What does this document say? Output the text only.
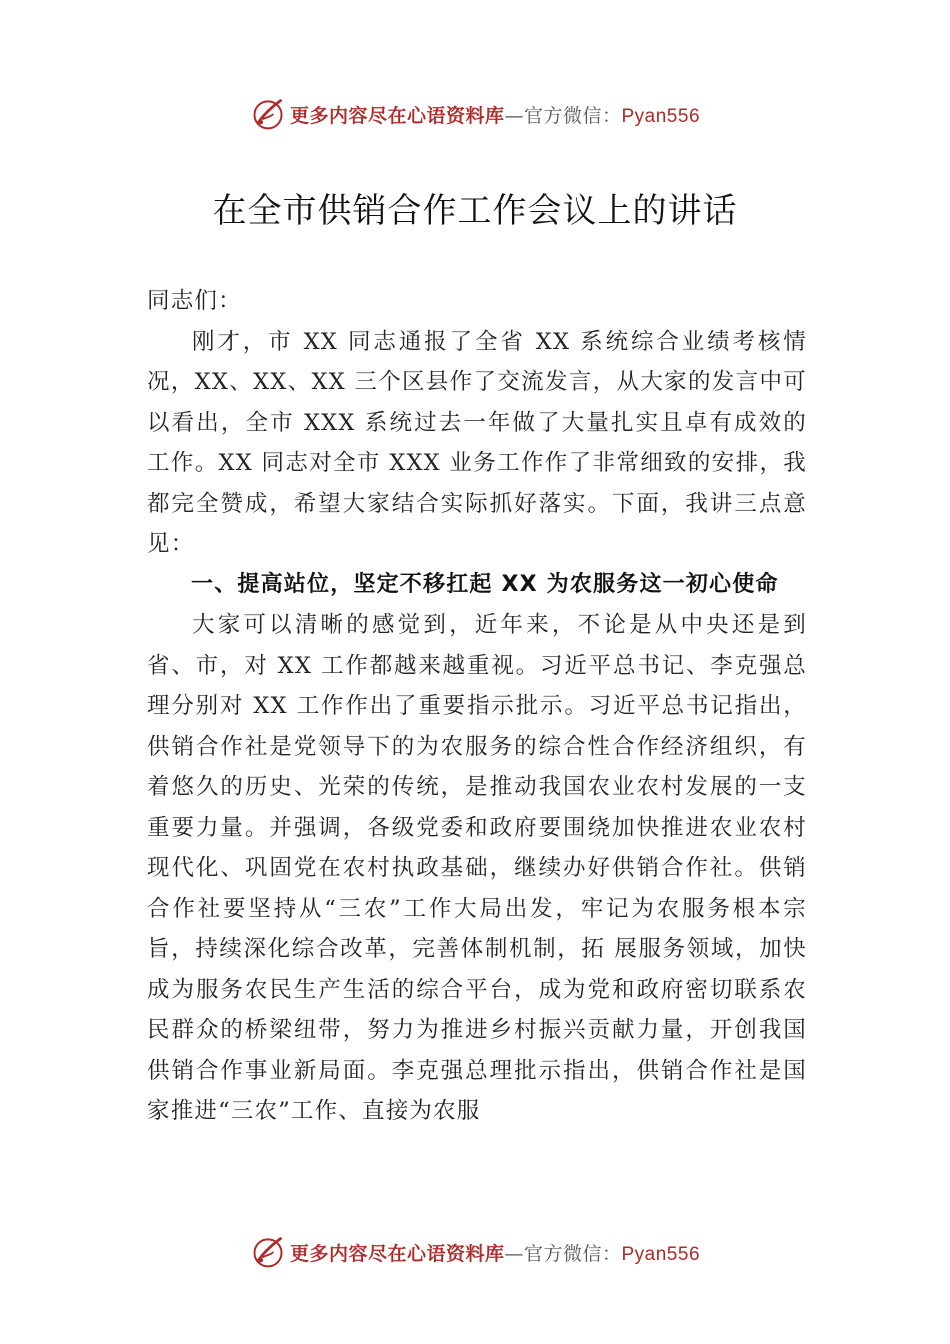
更多内容尽在心语资料库—官方微信：Pyan556
在全市供销合作工作会议上的讲话

同志们：

刚才，市 XX 同志通报了全省 XX 系统综合业绩考核情况，XX、XX、XX 三个区县作了交流发言，从大家的发言中可以看出，全市 XXX 系统过去一年做了大量扎实且卓有成效的工作。XX 同志对全市 XXX 业务工作作了非常细致的安排，我都完全赞成，希望大家结合实际抓好落实。下面，我讲三点意见：

一、提高站位，坚定不移扛起 XX 为农服务这一初心使命

大家可以清晰的感觉到，近年来，不论是从中央还是到省、市，对 XX 工作都越来越重视。习近平总书记、李克强总理分别对 XX 工作作出了重要指示批示。习近平总书记指出，供销合作社是党领导下的为农服务的综合性合作经济组织，有着悠久的历史、光荣的传统，是推动我国农业农村发展的一支重要力量。并强调，各级党委和政府要围绕加快推进农业农村现代化、巩固党在农村执政基础，继续办好供销合作社。供销合作社要坚持从“三农”工作大局出发，牢记为农服务根本宗旨，持续深化综合改革，完善体制机制，拓 展服务领域，加快成为服务农民生产生活的综合平台，成为党和政府密切联系农民群众的桥梁纽带，努力为推进乡村振兴贡献力量，开创我国供销合作事业新局面。李克强总理批示指出，供销合作社是国家推进“三农”工作、直接为农服

更多内容尽在心语资料库—官方微信：Pyan556
